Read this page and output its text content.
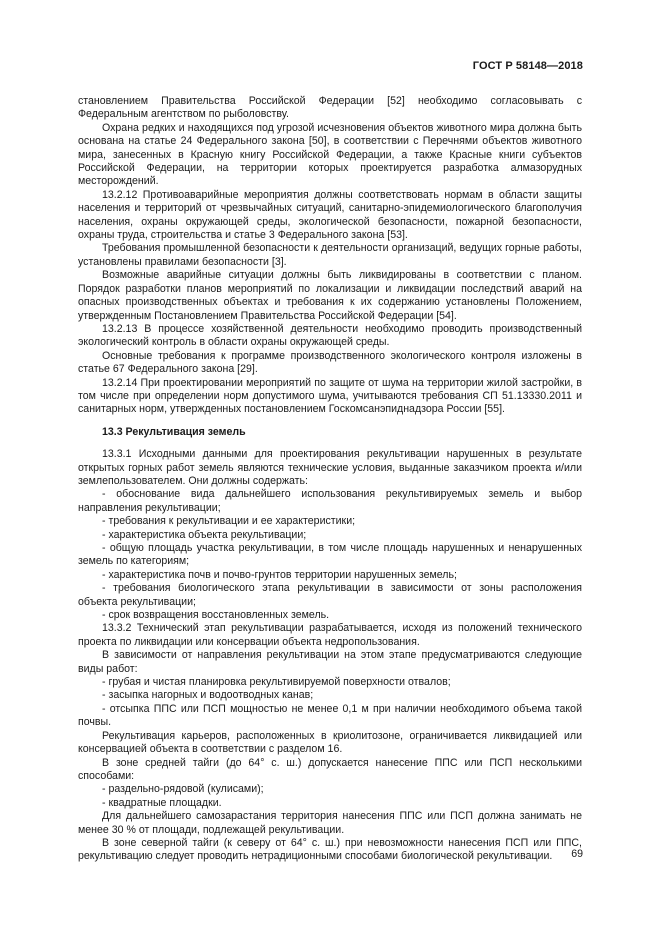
ГОСТ Р 58148—2018

становлением Правительства Российской Федерации [52] необходимо согласовывать с Федеральным агентством по рыболовству.

Охрана редких и находящихся под угрозой исчезновения объектов животного мира должна быть основана на статье 24 Федерального закона [50], в соответствии с Перечнями объектов животного мира, занесенных в Красную книгу Российской Федерации, а также Красные книги субъектов Российской Федерации, на территории которых проектируется разработка алмазорудных месторождений.

13.2.12 Противоаварийные мероприятия должны соответствовать нормам в области защиты населения и территорий от чрезвычайных ситуаций, санитарно-эпидемиологического благополучия населения, охраны окружающей среды, экологической безопасности, пожарной безопасности, охраны труда, строительства и статье 3 Федерального закона [53].

Требования промышленной безопасности к деятельности организаций, ведущих горные работы, установлены правилами безопасности [3].

Возможные аварийные ситуации должны быть ликвидированы в соответствии с планом. Порядок разработки планов мероприятий по локализации и ликвидации последствий аварий на опасных производственных объектах и требования к их содержанию установлены Положением, утвержденным Постановлением Правительства Российской Федерации [54].

13.2.13 В процессе хозяйственной деятельности необходимо проводить производственный экологический контроль в области охраны окружающей среды.

Основные требования к программе производственного экологического контроля изложены в статье 67 Федерального закона [29].

13.2.14 При проектировании мероприятий по защите от шума на территории жилой застройки, в том числе при определении норм допустимого шума, учитываются требования СП 51.13330.2011 и санитарных норм, утвержденных постановлением Госкомсанэпиднадзора России [55].

13.3 Рекультивация земель

13.3.1 Исходными данными для проектирования рекультивации нарушенных в результате открытых горных работ земель являются технические условия, выданные заказчиком проекта и/или землепользователем. Они должны содержать:

- обоснование вида дальнейшего использования рекультивируемых земель и выбор направления рекультивации;

- требования к рекультивации и ее характеристики;

- характеристика объекта рекультивации;

- общую площадь участка рекультивации, в том числе площадь нарушенных и ненарушенных земель по категориям;

- характеристика почв и почво-грунтов территории нарушенных земель;

- требования биологического этапа рекультивации в зависимости от зоны расположения объекта рекультивации;

- срок возвращения восстановленных земель.

13.3.2 Технический этап рекультивации разрабатывается, исходя из положений технического проекта по ликвидации или консервации объекта недропользования.

В зависимости от направления рекультивации на этом этапе предусматриваются следующие виды работ:

- грубая и чистая планировка рекультивируемой поверхности отвалов;

- засыпка нагорных и водоотводных канав;

- отсыпка ППС или ПСП мощностью не менее 0,1 м при наличии необходимого объема такой почвы.

Рекультивация карьеров, расположенных в криолитозоне, ограничивается ликвидацией или консервацией объекта в соответствии с разделом 16.

В зоне средней тайги (до 64° с. ш.) допускается нанесение ППС или ПСП несколькими способами:

- раздельно-рядовой (кулисами);

- квадратные площадки.

Для дальнейшего самозарастания территория нанесения ППС или ПСП должна занимать не менее 30 % от площади, подлежащей рекультивации.

В зоне северной тайги (к северу от 64° с. ш.) при невозможности нанесения ПСП или ППС, рекультивацию следует проводить нетрадиционными способами биологической рекультивации.	69
